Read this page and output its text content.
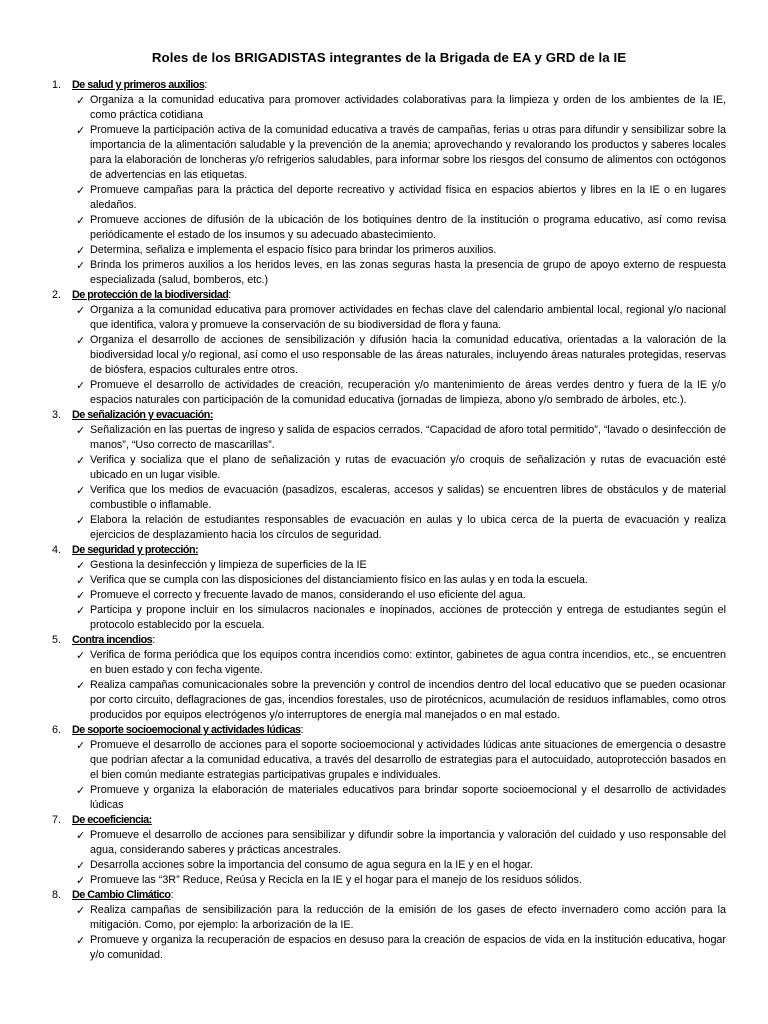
Roles de los BRIGADISTAS integrantes de la Brigada de EA y GRD de la IE
1. De salud y primeros auxilios:
✓ Organiza a la comunidad educativa para promover actividades colaborativas para la limpieza y orden de los ambientes de la IE, como práctica cotidiana
✓ Promueve la participación activa de la comunidad educativa a través de campañas, ferias u otras para difundir y sensibilizar sobre la importancia de la alimentación saludable y la prevención de la anemia; aprovechando y revalorando los productos y saberes locales para la elaboración de loncheras y/o refrigerios saludables, para informar sobre los riesgos del consumo de alimentos con octógonos de advertencias en las etiquetas.
✓ Promueve campañas para la práctica del deporte recreativo y actividad física en espacios abiertos y libres en la IE o en lugares aledaños.
✓ Promueve acciones de difusión de la ubicación de los botiquines dentro de la institución o programa educativo, así como revisa periódicamente el estado de los insumos y su adecuado abastecimiento.
✓ Determina, señaliza e implementa el espacio físico para brindar los primeros auxilios.
✓ Brinda los primeros auxilios a los heridos leves, en las zonas seguras hasta la presencia de grupo de apoyo externo de respuesta especializada (salud, bomberos, etc.)
2. De protección de la biodiversidad:
✓ Organiza a la comunidad educativa para promover actividades en fechas clave del calendario ambiental local, regional y/o nacional que identifica, valora y promueve la conservación de su biodiversidad de flora y fauna.
✓ Organiza el desarrollo de acciones de sensibilización y difusión hacia la comunidad educativa, orientadas a la valoración de la biodiversidad local y/o regional, así como el uso responsable de las áreas naturales, incluyendo áreas naturales protegidas, reservas de biósfera, espacios culturales entre otros.
✓ Promueve el desarrollo de actividades de creación, recuperación y/o mantenimiento de áreas verdes dentro y fuera de la IE y/o espacios naturales con participación de la comunidad educativa (jornadas de limpieza, abono y/o sembrado de árboles, etc.).
3. De señalización y evacuación:
✓ Señalización en las puertas de ingreso y salida de espacios cerrados. “Capacidad de aforo total permitido”, “lavado o desinfección de manos”, “Uso correcto de mascarillas”.
✓ Verifica y socializa que el plano de señalización y rutas de evacuación y/o croquis de señalización y rutas de evacuación esté ubicado en un lugar visible.
✓ Verifica que los medios de evacuación (pasadizos, escaleras, accesos y salidas) se encuentren libres de obstáculos y de material combustible o inflamable.
✓ Elabora la relación de estudiantes responsables de evacuación en aulas y lo ubica cerca de la puerta de evacuación y realiza ejercicios de desplazamiento hacia los círculos de seguridad.
4. De seguridad y protección:
✓ Gestiona la desinfección y limpieza de superficies de la IE
✓ Verifica que se cumpla con las disposiciones del distanciamiento físico en las aulas y en toda la escuela.
✓ Promueve el correcto y frecuente lavado de manos, considerando el uso eficiente del agua.
✓ Participa y propone incluir en los simulacros nacionales e inopinados, acciones de protección y entrega de estudiantes según el protocolo establecido por la escuela.
5. Contra incendios:
✓ Verifica de forma periódica que los equipos contra incendios como: extintor, gabinetes de agua contra incendios, etc., se encuentren en buen estado y con fecha vigente.
✓ Realiza campañas comunicacionales sobre la prevención y control de incendios dentro del local educativo que se pueden ocasionar por corto circuito, deflagraciones de gas, incendios forestales, uso de pirotécnicos, acumulación de residuos inflamables, como otros producidos por equipos electrógenos y/o interruptores de energía mal manejados o en mal estado.
6. De soporte socioemocional y actividades lúdicas:
✓ Promueve el desarrollo de acciones para el soporte socioemocional y actividades lúdicas ante situaciones de emergencia o desastre que podrían afectar a la comunidad educativa, a través del desarrollo de estrategias para el autocuidado, autoprotección basados en el bien común mediante estrategias participativas grupales e individuales.
✓ Promueve y organiza la elaboración de materiales educativos para brindar soporte socioemocional y el desarrollo de actividades lúdicas
7. De ecoeficiencia:
✓ Promueve el desarrollo de acciones para sensibilizar y difundir sobre la importancia y valoración del cuidado y uso responsable del agua, considerando saberes y prácticas ancestrales.
✓ Desarrolla acciones sobre la importancia del consumo de agua segura en la IE y en el hogar.
✓ Promueve las “3R” Reduce, Reúsa y Recicla en la IE y el hogar para el manejo de los residuos sólidos.
8. De Cambio Climático:
✓ Realiza campañas de sensibilización para la reducción de la emisión de los gases de efecto invernadero como acción para la mitigación. Como, por ejemplo: la arborización de la IE.
✓ Promueve y organiza la recuperación de espacios en desuso para la creación de espacios de vida en la institución educativa, hogar y/o comunidad.
